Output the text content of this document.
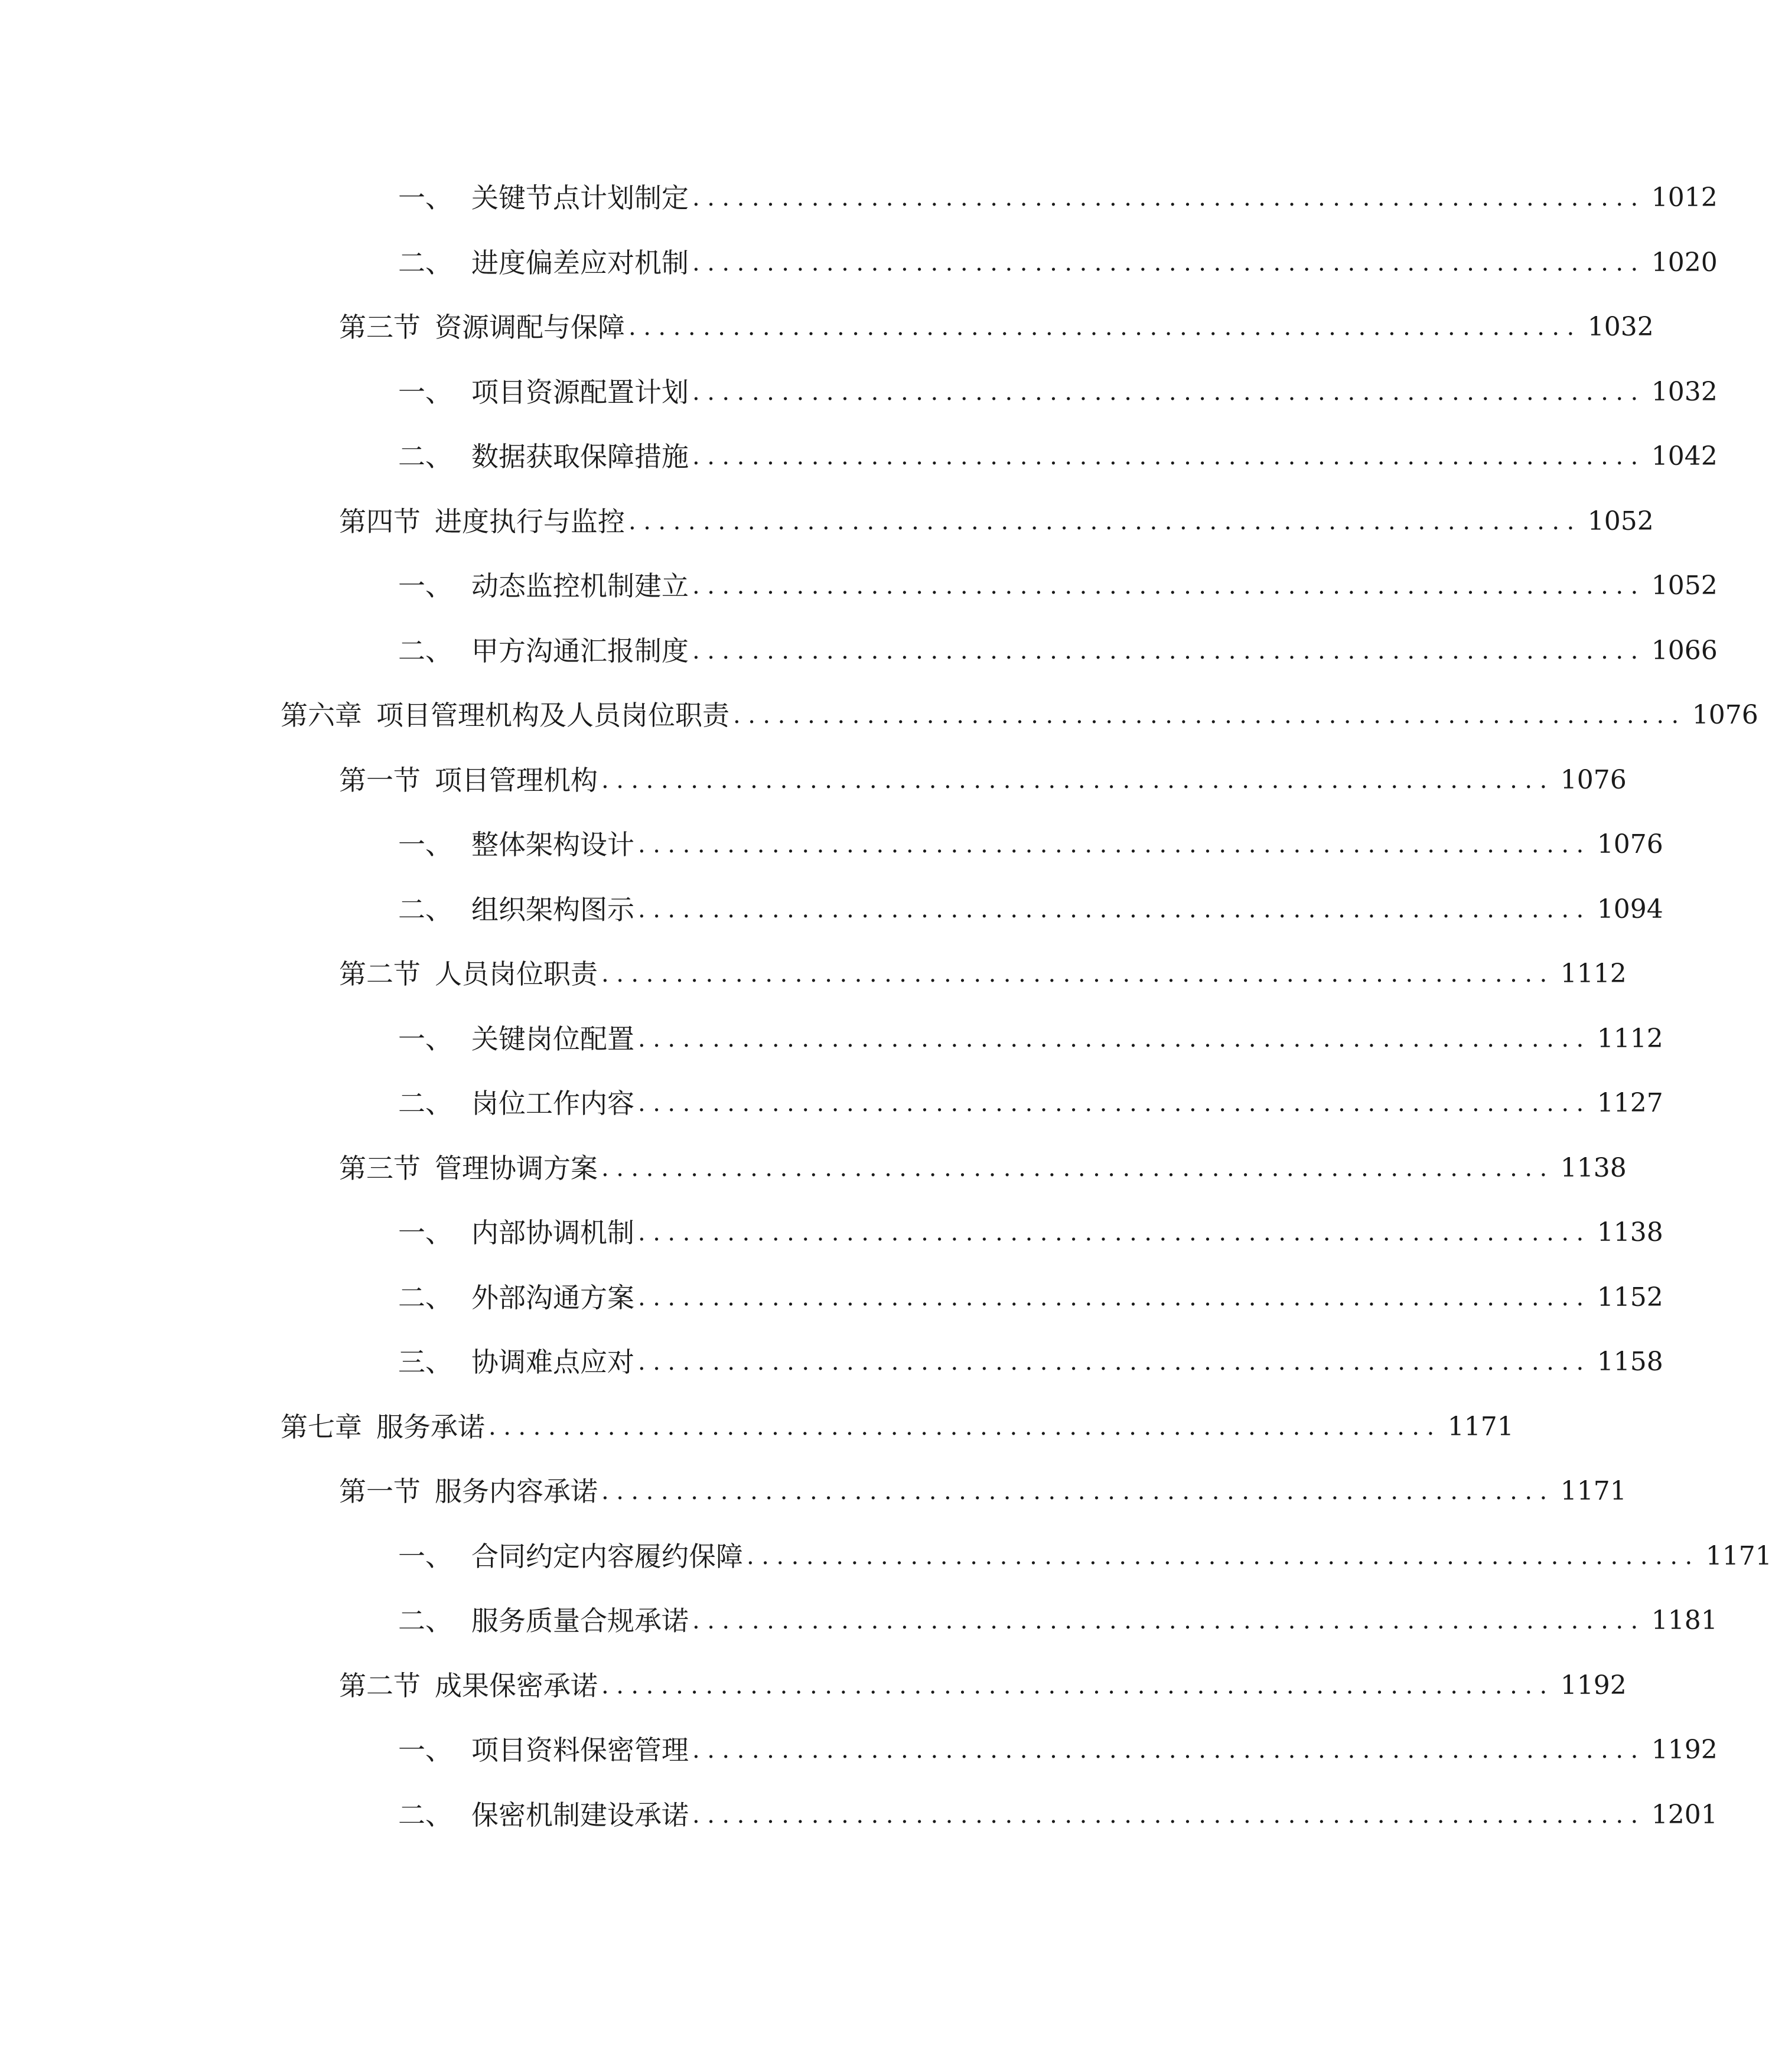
一、 关键节点计划制定 ................................................................ 1012
二、 进度偏差应对机制 ................................................................ 1020
第三节 资源调配与保障 ................................................................ 1032
一、 项目资源配置计划 ................................................................ 1032
二、 数据获取保障措施 ................................................................ 1042
第四节 进度执行与监控 ................................................................ 1052
一、 动态监控机制建立 ................................................................ 1052
二、 甲方沟通汇报制度 ................................................................ 1066
第六章 项目管理机构及人员岗位职责 ................................................................ 1076
第一节 项目管理机构 ................................................................ 1076
一、 整体架构设计 ................................................................ 1076
二、 组织架构图示 ................................................................ 1094
第二节 人员岗位职责 ................................................................ 1112
一、 关键岗位配置 ................................................................ 1112
二、 岗位工作内容 ................................................................ 1127
第三节 管理协调方案 ................................................................ 1138
一、 内部协调机制 ................................................................ 1138
二、 外部沟通方案 ................................................................ 1152
三、 协调难点应对 ................................................................ 1158
第七章 服务承诺 ................................................................ 1171
第一节 服务内容承诺 ................................................................ 1171
一、 合同约定内容履约保障 ................................................................ 1171
二、 服务质量合规承诺 ................................................................ 1181
第二节 成果保密承诺 ................................................................ 1192
一、 项目资料保密管理 ................................................................ 1192
二、 保密机制建设承诺 ................................................................ 1201
